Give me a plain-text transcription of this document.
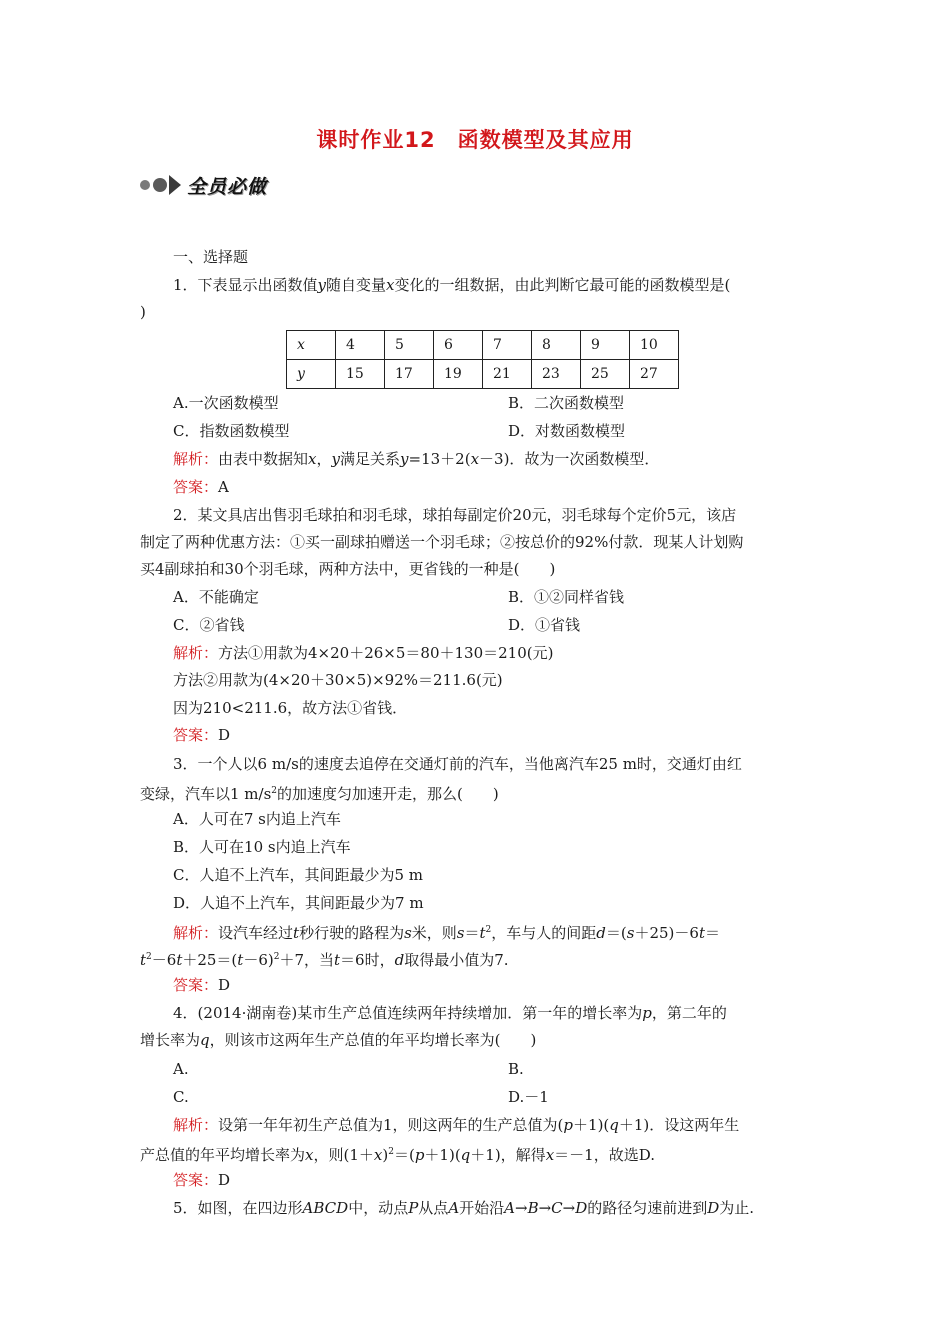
课时作业12　函数模型及其应用
全员必做
一、选择题
1．下表显示出函数值y随自变量x变化的一组数据，由此判断它最可能的函数模型是(
)
x	4	5	6	7	8	9	10
y	15	17	19	21	23	25	27
A.一次函数模型	B．二次函数模型
C．指数函数模型	D．对数函数模型
解析：由表中数据知x，y满足关系y=13＋2(x－3)．故为一次函数模型．
答案：A
2．某文具店出售羽毛球拍和羽毛球，球拍每副定价20元，羽毛球每个定价5元，该店
制定了两种优惠方法：①买一副球拍赠送一个羽毛球；②按总价的92%付款．现某人计划购
买4副球拍和30个羽毛球，两种方法中，更省钱的一种是(　　)
A．不能确定	B．①②同样省钱
C．②省钱	D．①省钱
解析：方法①用款为4×20＋26×5＝80＋130＝210(元)
方法②用款为(4×20＋30×5)×92%＝211.6(元)
因为210<211.6，故方法①省钱．
答案：D
3．一个人以6 m/s的速度去追停在交通灯前的汽车，当他离汽车25 m时，交通灯由红
变绿，汽车以1 $m/s^2$的加速度匀加速开走，那么(　　)
A．人可在7 s内追上汽车
B．人可在10 s内追上汽车
C．人追不上汽车，其间距最少为5 m
D．人追不上汽车，其间距最少为7 m
解析：设汽车经过t秒行驶的路程为s米，则$s=t^2$，车与人的间距d＝(s＋25)－6t＝
$t^2-6t+25=(t-6)^2+7$，当t＝6时，d取得最小值为7.
答案：D
4．(2014·湖南卷)某市生产总值连续两年持续增加．第一年的增长率为p，第二年的
增长率为q，则该市这两年生产总值的年平均增长率为(　　)
A.	B.
C.	D.－1
解析：设第一年年初生产总值为1，则这两年的生产总值为(p＋1)(q＋1)．设这两年生
产总值的年平均增长率为x，则$(1+x)^2=(p+1)(q+1)$，解得x＝－1，故选D.
答案：D
5．如图，在四边形ABCD中，动点P从点A开始沿A→B→C→D的路径匀速前进到D为止.
